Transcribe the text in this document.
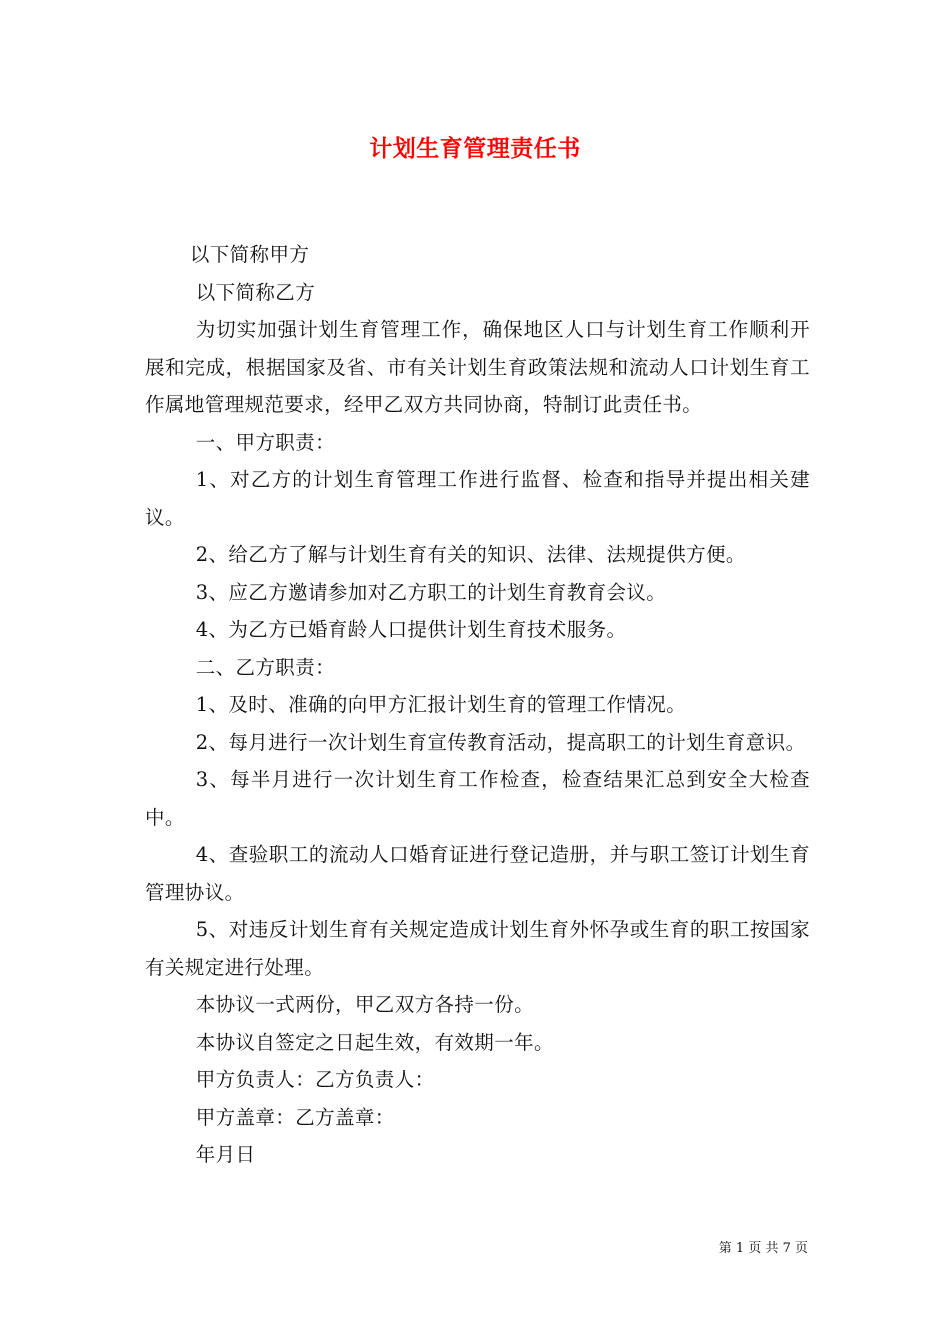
计划生育管理责任书

以下简称甲方

以下简称乙方

为切实加强计划生育管理工作，确保地区人口与计划生育工作顺利开展和完成，根据国家及省、市有关计划生育政策法规和流动人口计划生育工作属地管理规范要求，经甲乙双方共同协商，特制订此责任书。

一、甲方职责：

1、对乙方的计划生育管理工作进行监督、检查和指导并提出相关建议。

2、给乙方了解与计划生育有关的知识、法律、法规提供方便。

3、应乙方邀请参加对乙方职工的计划生育教育会议。

4、为乙方已婚育龄人口提供计划生育技术服务。

二、乙方职责：

1、及时、准确的向甲方汇报计划生育的管理工作情况。

2、每月进行一次计划生育宣传教育活动，提高职工的计划生育意识。

3、每半月进行一次计划生育工作检查，检查结果汇总到安全大检查中。

4、查验职工的流动人口婚育证进行登记造册，并与职工签订计划生育管理协议。

5、对违反计划生育有关规定造成计划生育外怀孕或生育的职工按国家有关规定进行处理。

本协议一式两份，甲乙双方各持一份。

本协议自签定之日起生效，有效期一年。

甲方负责人：乙方负责人：

甲方盖章：乙方盖章：

年月日

第 1 页 共 7 页
